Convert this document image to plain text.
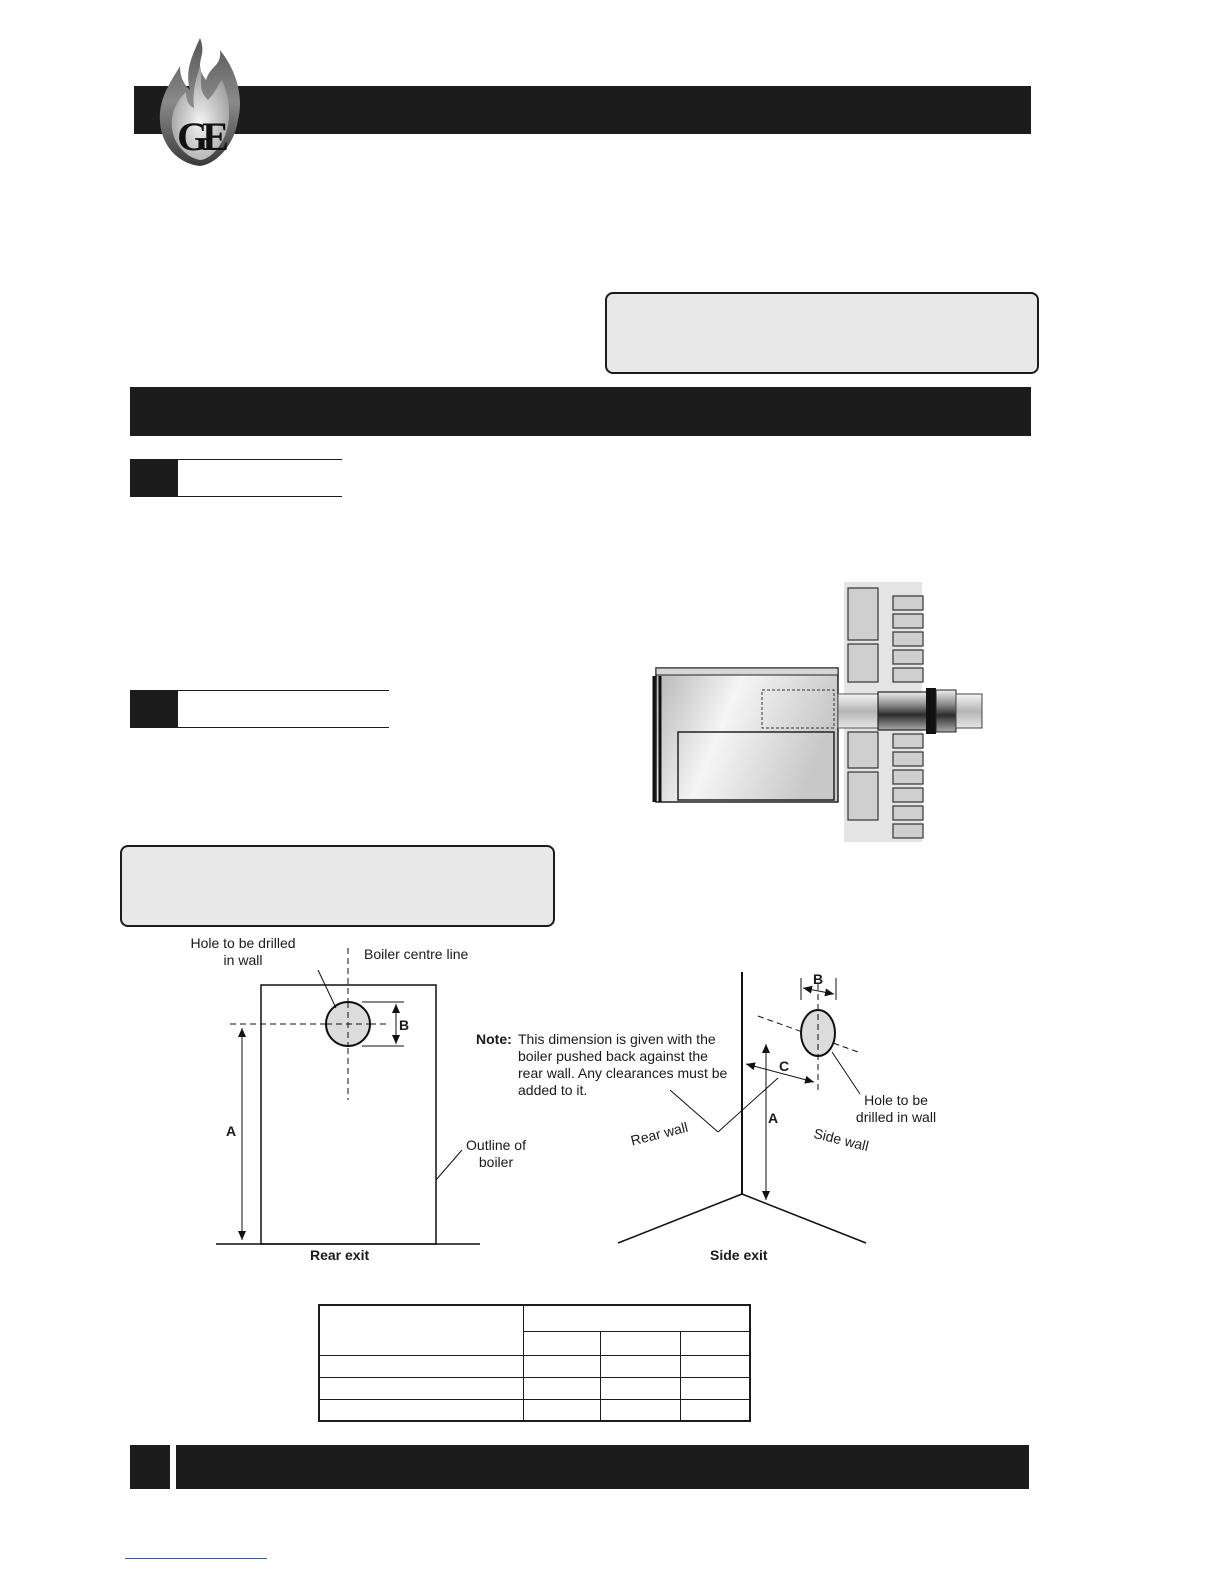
GE
Hole to be drilled in wall	Boiler centre line
B
A
Outline of boiler
Rear exit
B
Note: This dimension is given with the boiler pushed back against the rear wall. Any clearances must be added to it.
C
A
Hole to be drilled in wall
Rear wall	Side wall
Side exit
